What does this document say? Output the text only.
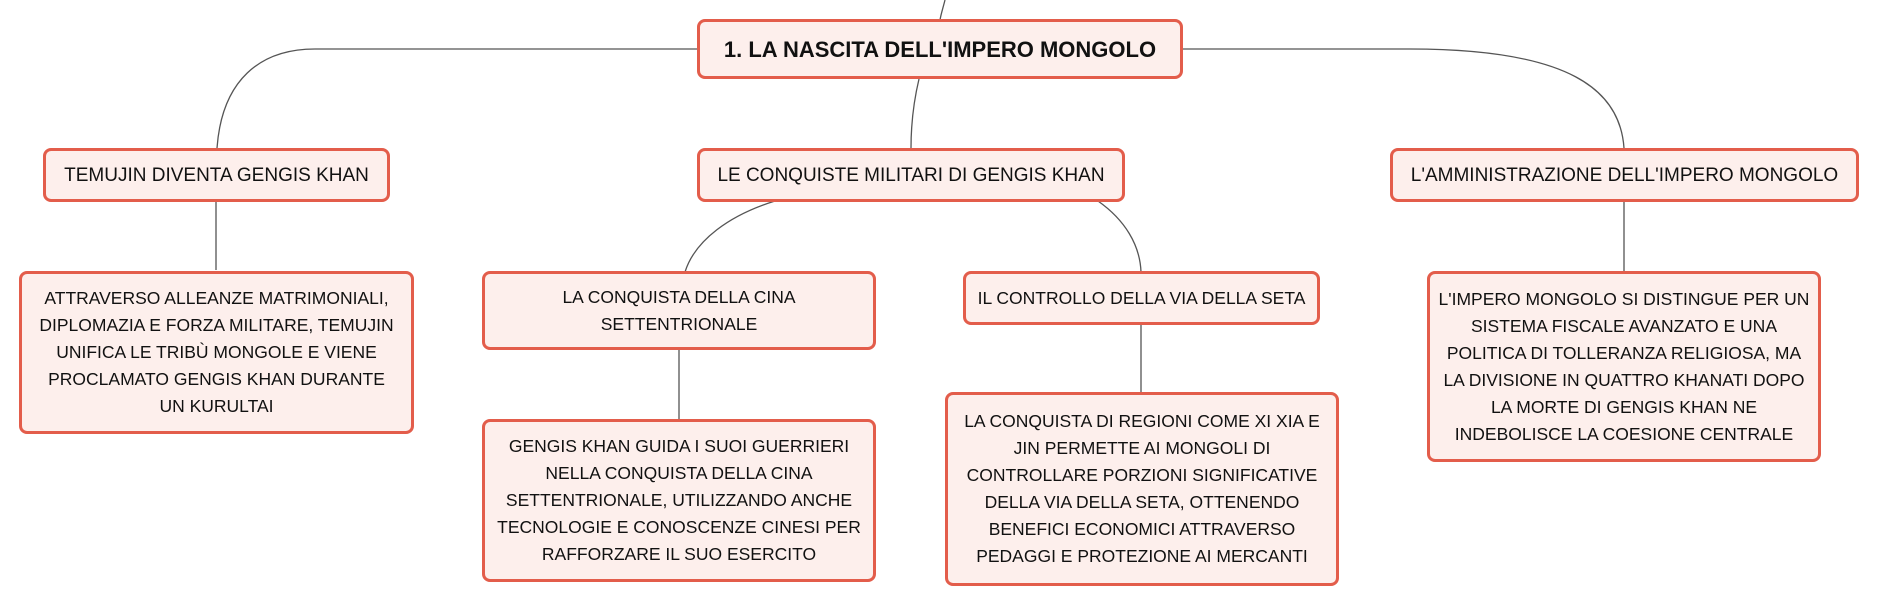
1. LA NASCITA DELL'IMPERO MONGOLO
TEMUJIN DIVENTA GENGIS KHAN	LE CONQUISTE MILITARI DI GENGIS KHAN	L'AMMINISTRAZIONE DELL'IMPERO MONGOLO
ATTRAVERSO ALLEANZE MATRIMONIALI, DIPLOMAZIA E FORZA MILITARE, TEMUJIN UNIFICA LE TRIBÙ MONGOLE E VIENE PROCLAMATO GENGIS KHAN DURANTE UN KURULTAI
LA CONQUISTA DELLA CINA SETTENTRIONALE
IL CONTROLLO DELLA VIA DELLA SETA
GENGIS KHAN GUIDA I SUOI GUERRIERI NELLA CONQUISTA DELLA CINA SETTENTRIONALE, UTILIZZANDO ANCHE TECNOLOGIE E CONOSCENZE CINESI PER RAFFORZARE IL SUO ESERCITO
LA CONQUISTA DI REGIONI COME XI XIA E JIN PERMETTE AI MONGOLI DI CONTROLLARE PORZIONI SIGNIFICATIVE DELLA VIA DELLA SETA, OTTENENDO BENEFICI ECONOMICI ATTRAVERSO PEDAGGI E PROTEZIONE AI MERCANTI
L'IMPERO MONGOLO SI DISTINGUE PER UN SISTEMA FISCALE AVANZATO E UNA POLITICA DI TOLLERANZA RELIGIOSA, MA LA DIVISIONE IN QUATTRO KHANATI DOPO LA MORTE DI GENGIS KHAN NE INDEBOLISCE LA COESIONE CENTRALE
